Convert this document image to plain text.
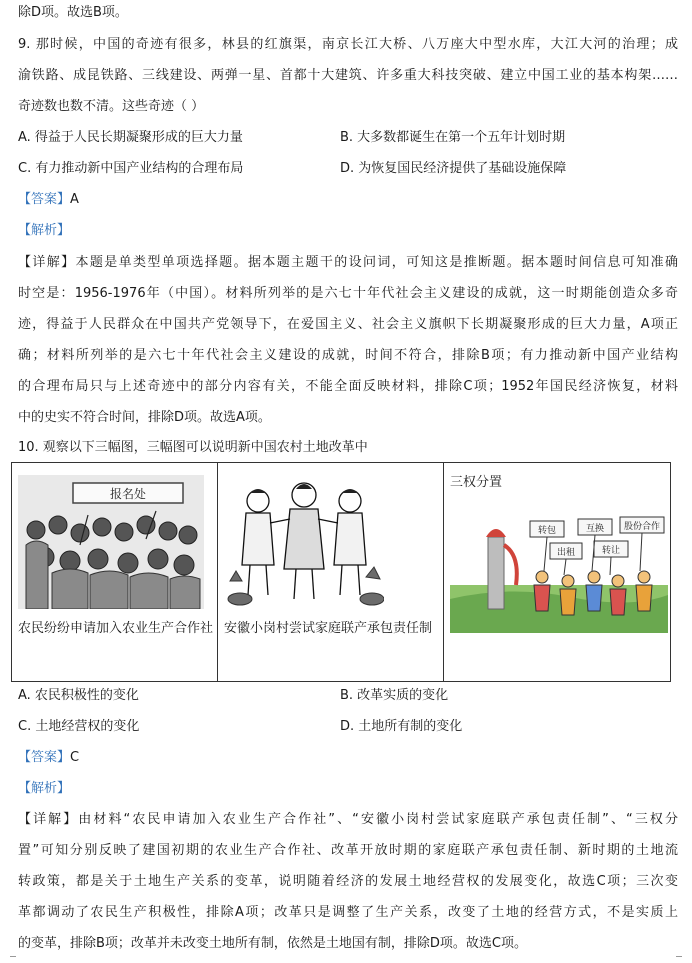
除D项。故选B项。
9. 那时候，中国的奇迹有很多，林县的红旗渠，南京长江大桥、八万座大中型水库，大江大河的治理；成
渝铁路、成昆铁路、三线建设、两弹一星、首都十大建筑、许多重大科技突破、建立中国工业的基本构架……
奇迹数也数不清。这些奇迹（ ）
A. 得益于人民长期凝聚形成的巨大力量	B. 大多数都诞生在第一个五年计划时期
C. 有力推动新中国产业结构的合理布局	D. 为恢复国民经济提供了基础设施保障
【答案】A
【解析】
【详解】本题是单类型单项选择题。据本题主题干的设问词，可知这是推断题。据本题时间信息可知准确
时空是：1956-1976年（中国）。材料所列举的是六七十年代社会主义建设的成就，这一时期能创造众多奇
迹，得益于人民群众在中国共产党领导下，在爱国主义、社会主义旗帜下长期凝聚形成的巨大力量，A项正
确；材料所列举的是六七十年代社会主义建设的成就，时间不符合，排除B项；有力推动新中国产业结构
的合理布局只与上述奇迹中的部分内容有关，不能全面反映材料，排除C项；1952年国民经济恢复，材料
中的史实不符合时间，排除D项。故选A项。
10. 观察以下三幅图，三幅图可以说明新中国农村土地改革中
报名处
农民纷纷申请加入农业生产合作社 安徽小岗村尝试家庭联产承包责任制
三权分置
转包	互换
出租	转让
股份合作
A. 农民积极性的变化	B. 改革实质的变化
C. 土地经营权的变化	D. 土地所有制的变化
【答案】C
【解析】
【详解】由材料“农民申请加入农业生产合作社”、“安徽小岗村尝试家庭联产承包责任制”、“三权分
置”可知分别反映了建国初期的农业生产合作社、改革开放时期的家庭联产承包责任制、新时期的土地流
转政策，都是关于土地生产关系的变革，说明随着经济的发展土地经营权的发展变化，故选C项；三次变
革都调动了农民生产积极性，排除A项；改革只是调整了生产关系，改变了土地的经营方式，不是实质上
的变革，排除B项；改革并未改变土地所有制，依然是土地国有制，排除D项。故选C项。
